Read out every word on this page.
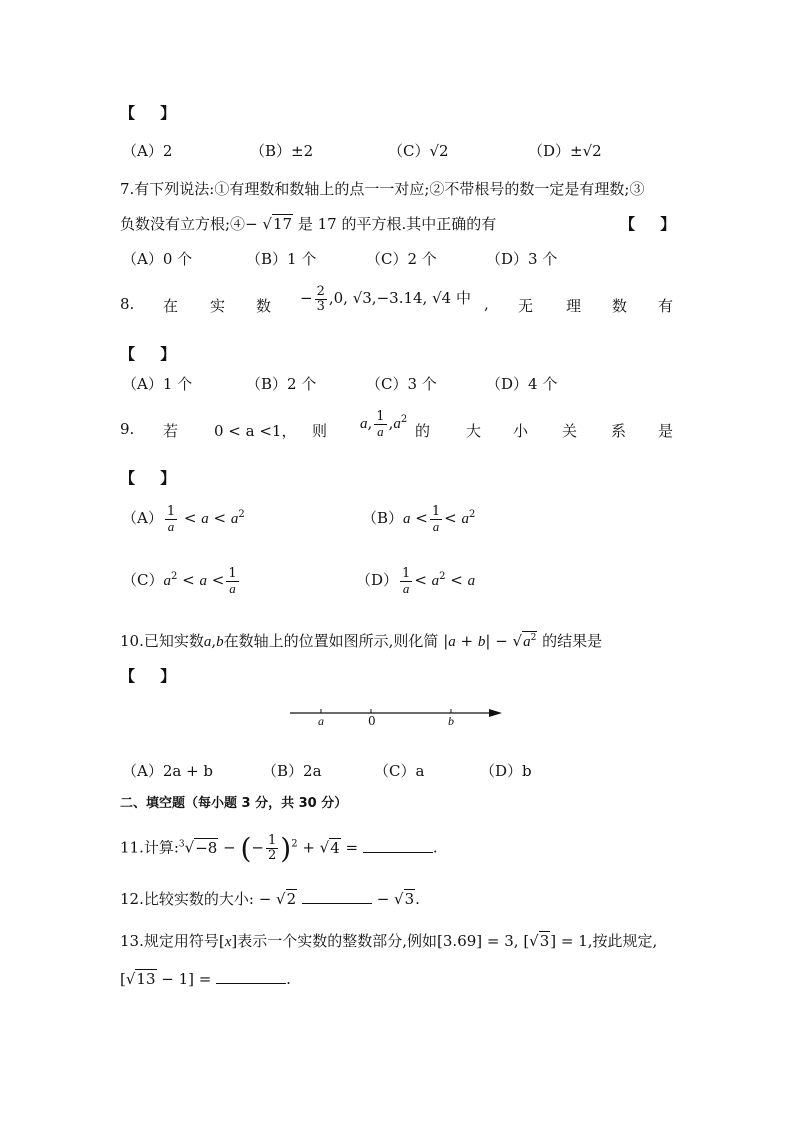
【 】
（A）2	（B）±2	（C）√2	（D）±√2
7.有下列说法:①有理数和数轴上的点一一对应;②不带根号的数一定是有理数;③
负数没有立方根;④− √17 是 17 的平方根.其中正确的有	【 】
（A）0 个	（B）1 个	（C）2 个	（D）3 个
8. 在 实 数 − $\frac{2}{3} ,0$, √3,−3.14, √4 中 , 无 理 数 有
【 】
（A）1 个	（B）2 个	（C）3 个	（D）4 个
9. 若 0 < a <1， 则 a, $\frac{1}{a} ,a^2$
的 大 小 关 系 是
【 】
$(A) \frac{1}{a} < a < a^2$	$(B)a < \frac{1}{a} < a^2$
$(C)a^2 < a < \frac{1}{a}$	$(D) \frac{1}{a} < a^2 < a$
10.已知实数a,b在数轴上的位置如图所示,则化简 $|a + b| - √a^2$ 的结果是
【 】
a	0	b
（A）2a + b	（B）2a	（C）a	（D）b
二、填空题（每小题 3 分，共 30 分）
11.计算:$^3$√−8 − (− $\frac{1}{2} )^2 + √4$ =	.
12.比较实数的大小: − √2	− √3.
13.规定用符号[x]表示一个实数的整数部分,例如[3.69] = 3, [√3] = 1,按此规定,
[√13 − 1] =	.
